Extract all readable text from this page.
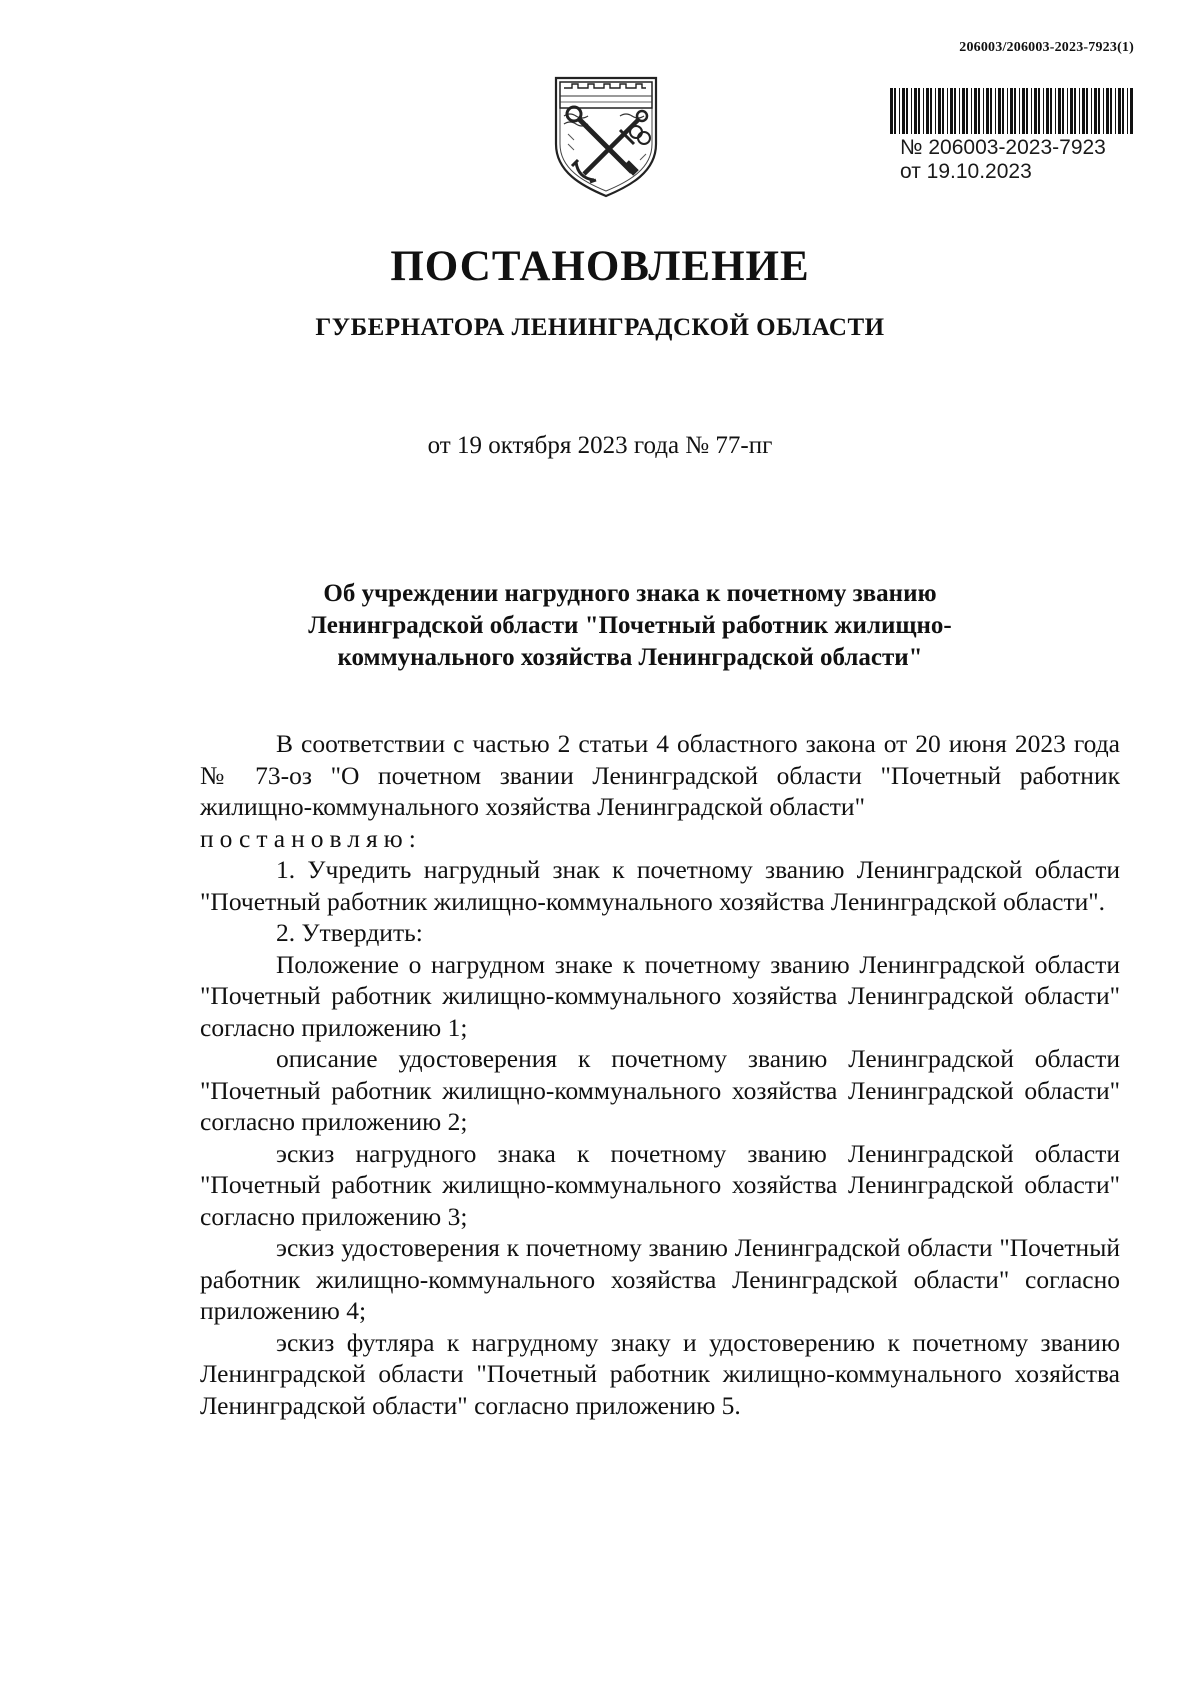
206003/206003-2023-7923(1)
№ 206003-2023-7923
от 19.10.2023
ПОСТАНОВЛЕНИЕ
ГУБЕРНАТОРА ЛЕНИНГРАДСКОЙ ОБЛАСТИ
от 19 октября 2023 года № 77-пг
Об учреждении нагрудного знака к почетному званию
Ленинградской области "Почетный работник жилищно-
коммунального хозяйства Ленинградской области"

В соответствии с частью 2 статьи 4 областного закона от 20 июня 2023 года № 73-оз "О почетном звании Ленинградской области "Почетный работник жилищно-коммунального хозяйства Ленинградской области"

постановляю:

1. Учредить нагрудный знак к почетному званию Ленинградской области "Почетный работник жилищно-коммунального хозяйства Ленинградской области".

2. Утвердить:

Положение о нагрудном знаке к почетному званию Ленинградской области "Почетный работник жилищно-коммунального хозяйства Ленинградской области" согласно приложению 1;

описание удостоверения к почетному званию Ленинградской области "Почетный работник жилищно-коммунального хозяйства Ленинградской области" согласно приложению 2;

эскиз нагрудного знака к почетному званию Ленинградской области "Почетный работник жилищно-коммунального хозяйства Ленинградской области" согласно приложению 3;

эскиз удостоверения к почетному званию Ленинградской области "Почетный работник жилищно-коммунального хозяйства Ленинградской области" согласно приложению 4;

эскиз футляра к нагрудному знаку и удостоверению к почетному званию Ленинградской области "Почетный работник жилищно-коммунального хозяйства Ленинградской области" согласно приложению 5.
